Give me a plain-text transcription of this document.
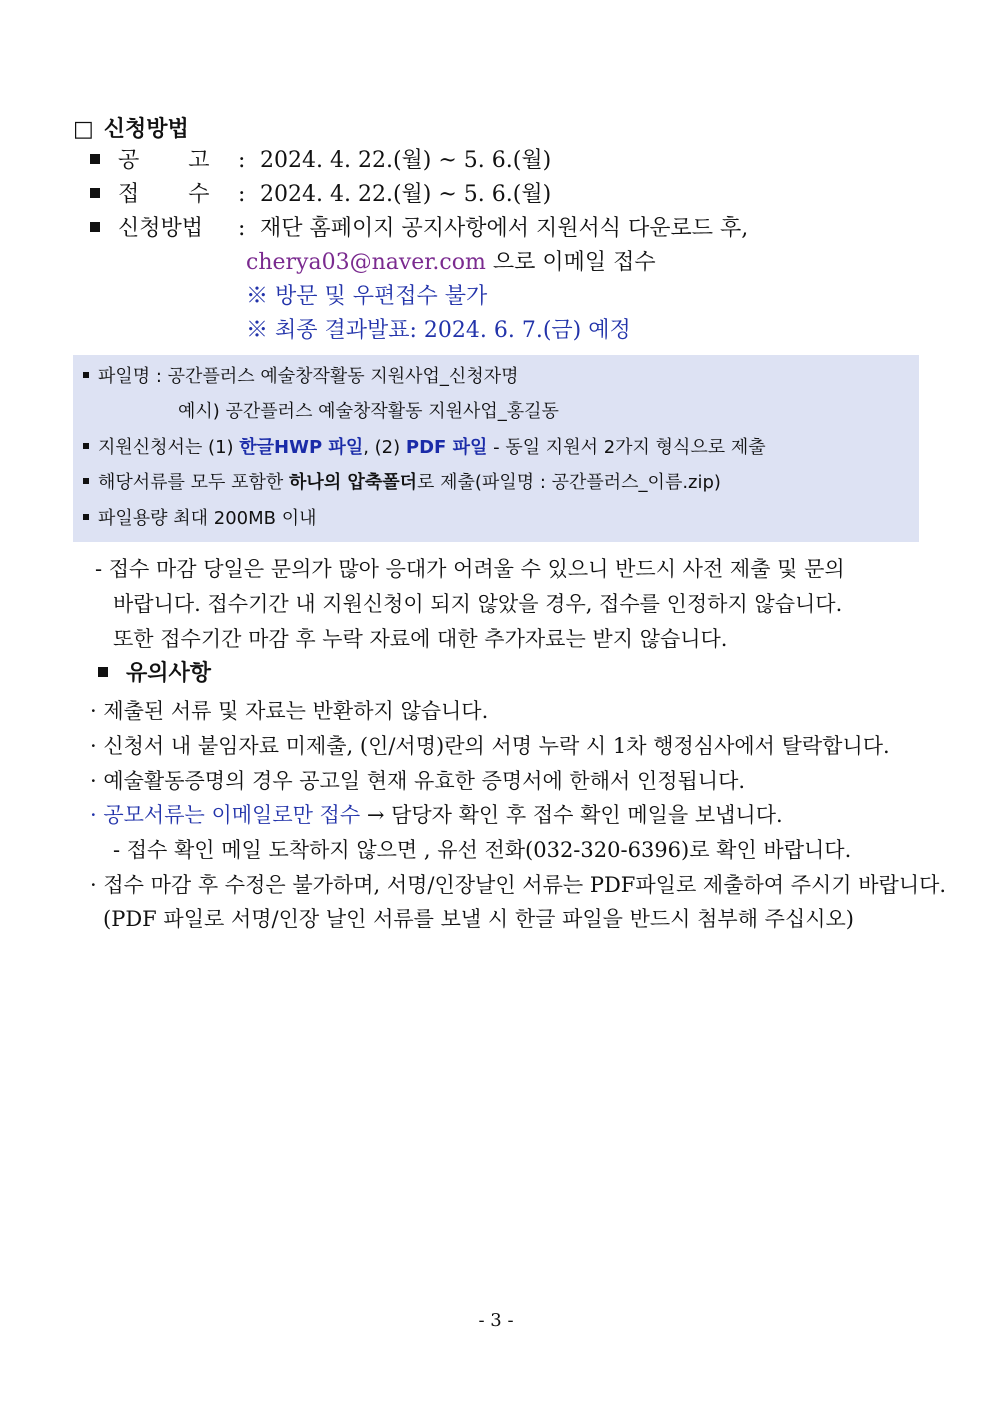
□ 신청방법
공       고 : 2024. 4. 22.(월) ~ 5. 6.(월)
접       수 : 2024. 4. 22.(월) ~ 5. 6.(월)
신청방법 : 재단 홈페이지 공지사항에서 지원서식 다운로드 후,
cherya03@naver.com 으로 이메일 접수
※ 방문 및 우편접수 불가
※ 최종 결과발표: 2024. 6. 7.(금) 예정
파일명 : 공간플러스 예술창작활동 지원사업_신청자명
예시) 공간플러스 예술창작활동 지원사업_홍길동
지원신청서는 (1) 한글HWP 파일, (2) PDF 파일 - 동일 지원서 2가지 형식으로 제출
해당서류를 모두 포함한 하나의 압축폴더로 제출(파일명 : 공간플러스_이름.zip)
파일용량 최대 200MB 이내
- 접수 마감 당일은 문의가 많아 응대가 어려울 수 있으니 반드시 사전 제출 및 문의
바랍니다. 접수기간 내 지원신청이 되지 않았을 경우, 접수를 인정하지 않습니다.
또한 접수기간 마감 후 누락 자료에 대한 추가자료는 받지 않습니다.
유의사항
· 제출된 서류 및 자료는 반환하지 않습니다.
· 신청서 내 붙임자료 미제출, (인/서명)란의 서명 누락 시 1차 행정심사에서 탈락합니다.
· 예술활동증명의 경우 공고일 현재 유효한 증명서에 한해서 인정됩니다.
· 공모서류는 이메일로만 접수 → 담당자 확인 후 접수 확인 메일을 보냅니다.
- 접수 확인 메일 도착하지 않으면 , 유선 전화(032-320-6396)로 확인 바랍니다.
· 접수 마감 후 수정은 불가하며, 서명/인장날인 서류는 PDF파일로 제출하여 주시기 바랍니다.
(PDF 파일로 서명/인장 날인 서류를 보낼 시 한글 파일을 반드시 첨부해 주십시오)
- 3 -
